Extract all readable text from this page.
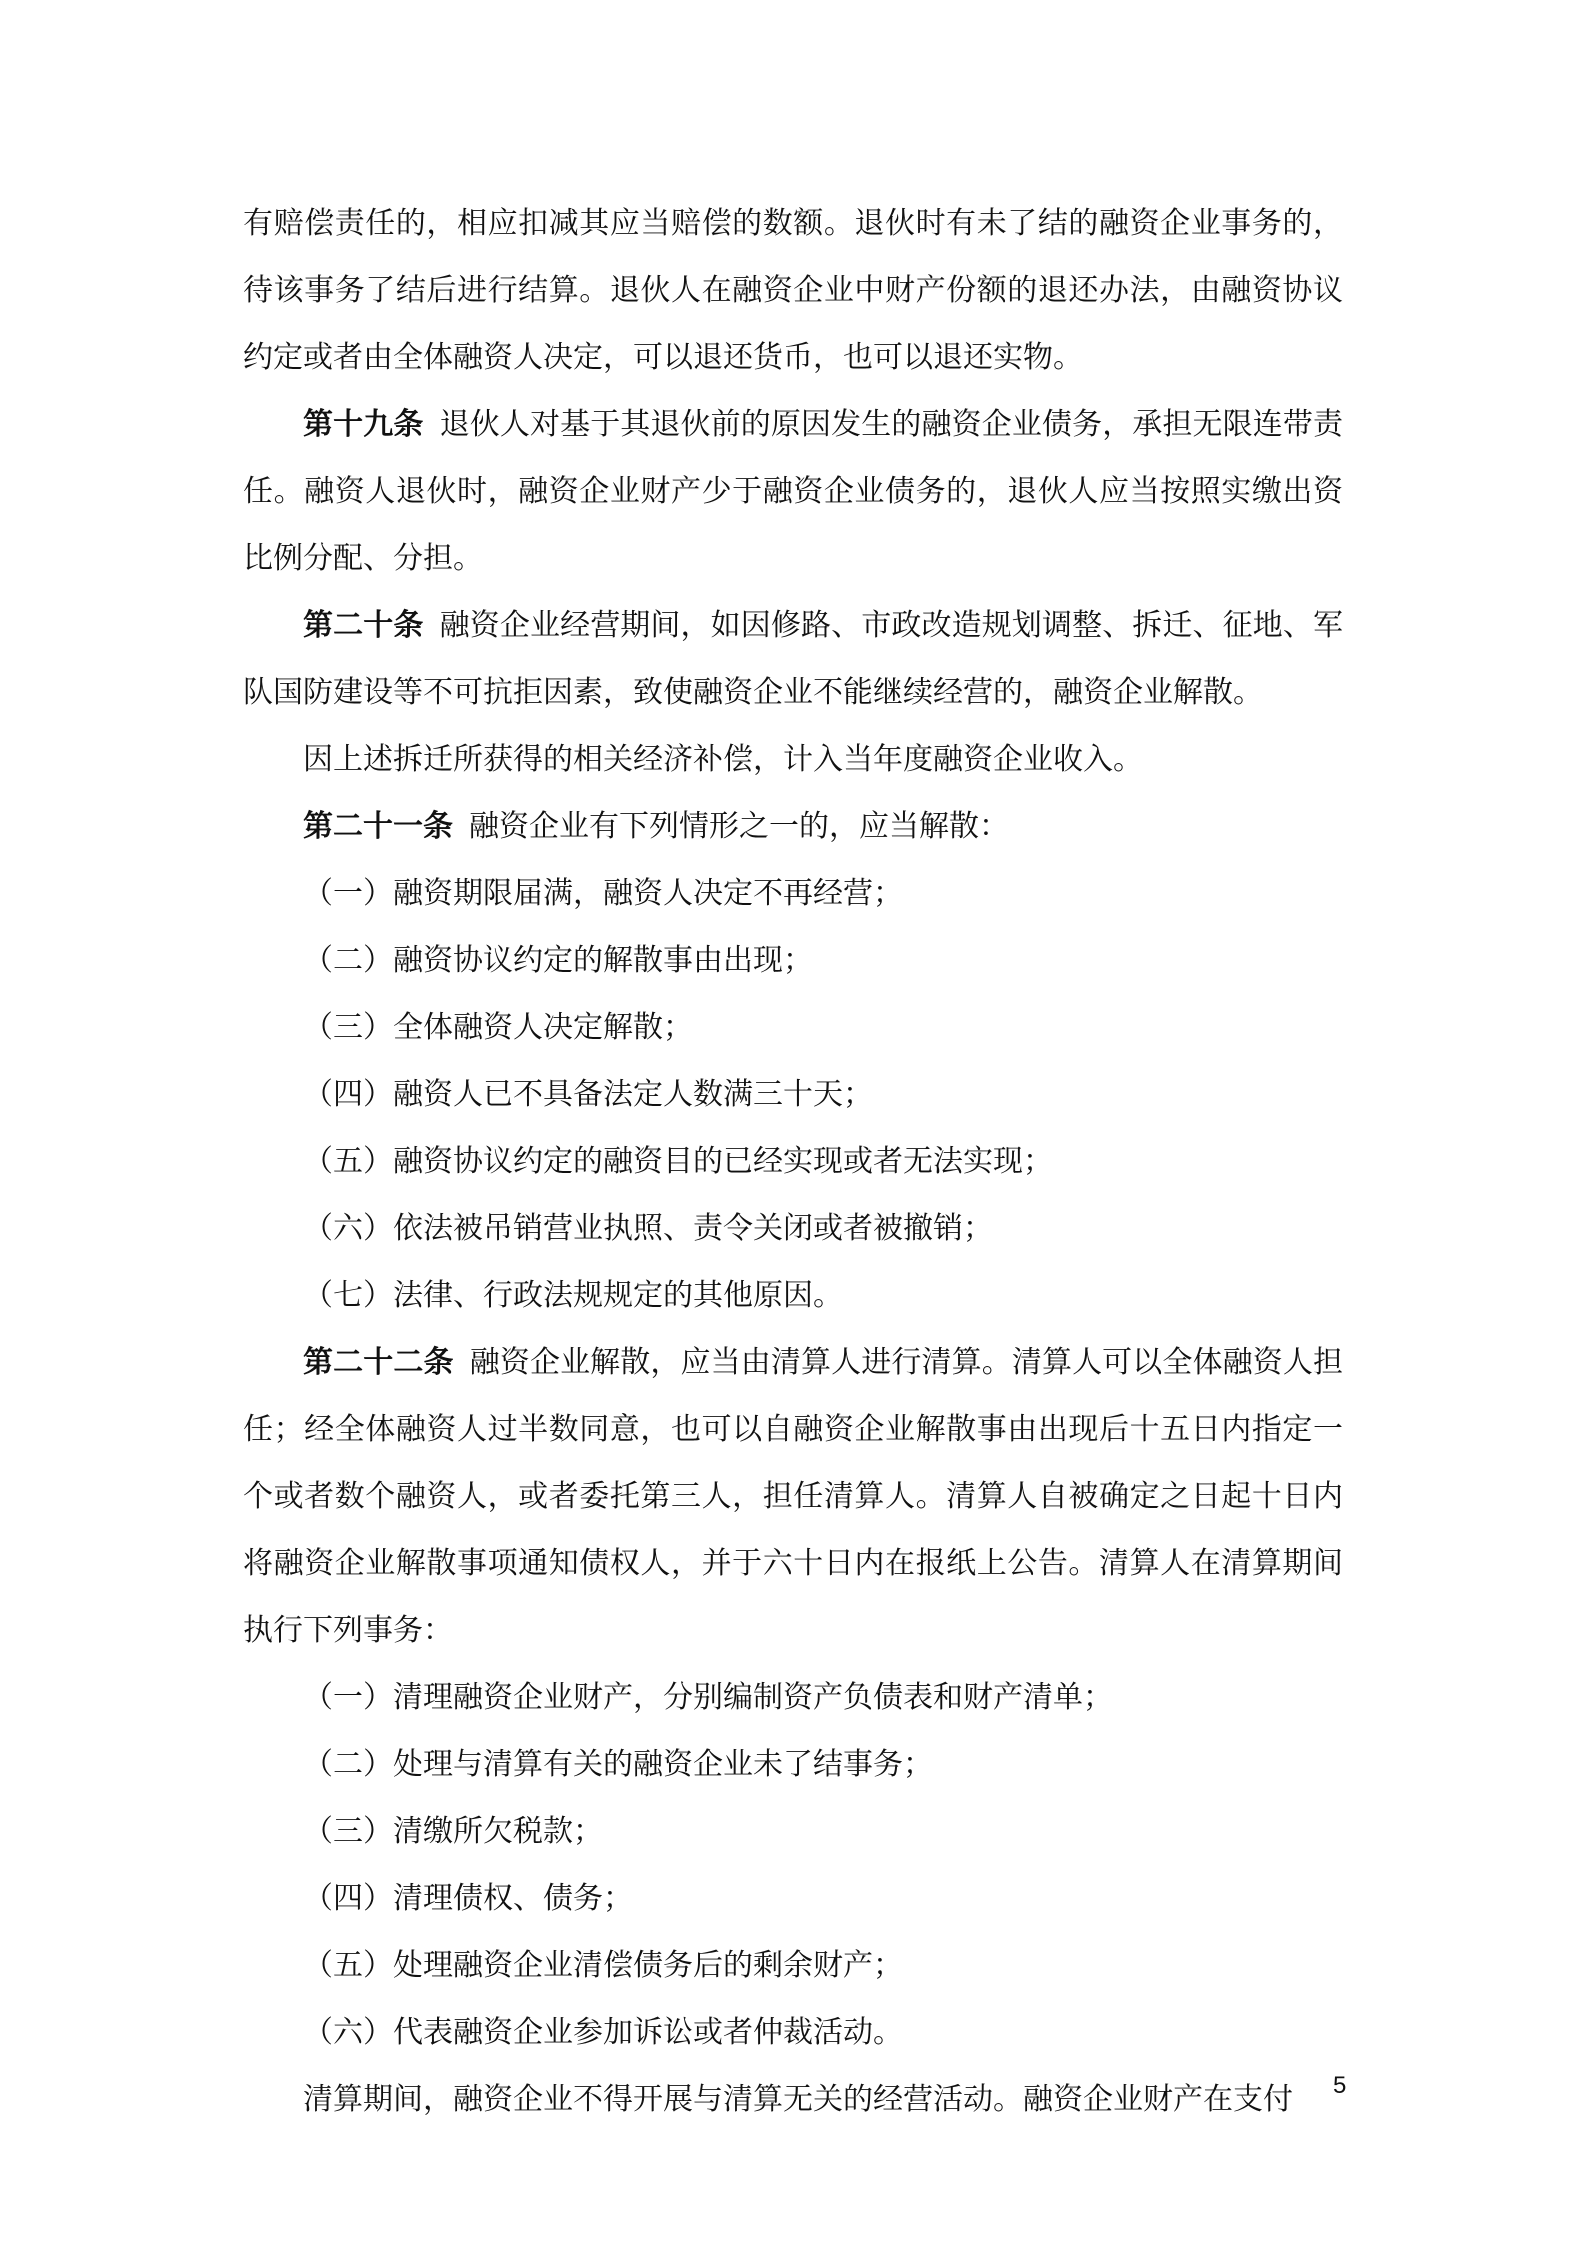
有赔偿责任的，相应扣减其应当赔偿的数额。退伙时有未了结的融资企业事务的，待该事务了结后进行结算。退伙人在融资企业中财产份额的退还办法，由融资协议约定或者由全体融资人决定，可以退还货币，也可以退还实物。

第十九条 退伙人对基于其退伙前的原因发生的融资企业债务，承担无限连带责任。融资人退伙时，融资企业财产少于融资企业债务的，退伙人应当按照实缴出资比例分配、分担。

第二十条 融资企业经营期间，如因修路、市政改造规划调整、拆迁、征地、军队国防建设等不可抗拒因素，致使融资企业不能继续经营的，融资企业解散。

因上述拆迁所获得的相关经济补偿，计入当年度融资企业收入。

第二十一条 融资企业有下列情形之一的，应当解散：

（一）融资期限届满，融资人决定不再经营；

（二）融资协议约定的解散事由出现；

（三）全体融资人决定解散；

（四）融资人已不具备法定人数满三十天；

（五）融资协议约定的融资目的已经实现或者无法实现；

（六）依法被吊销营业执照、责令关闭或者被撤销；

（七）法律、行政法规规定的其他原因。

第二十二条 融资企业解散，应当由清算人进行清算。清算人可以全体融资人担任；经全体融资人过半数同意，也可以自融资企业解散事由出现后十五日内指定一个或者数个融资人，或者委托第三人，担任清算人。清算人自被确定之日起十日内将融资企业解散事项通知债权人，并于六十日内在报纸上公告。清算人在清算期间执行下列事务：

（一）清理融资企业财产，分别编制资产负债表和财产清单；

（二）处理与清算有关的融资企业未了结事务；

（三）清缴所欠税款；

（四）清理债权、债务；

（五）处理融资企业清偿债务后的剩余财产；

（六）代表融资企业参加诉讼或者仲裁活动。

清算期间，融资企业不得开展与清算无关的经营活动。融资企业财产在支付	5
